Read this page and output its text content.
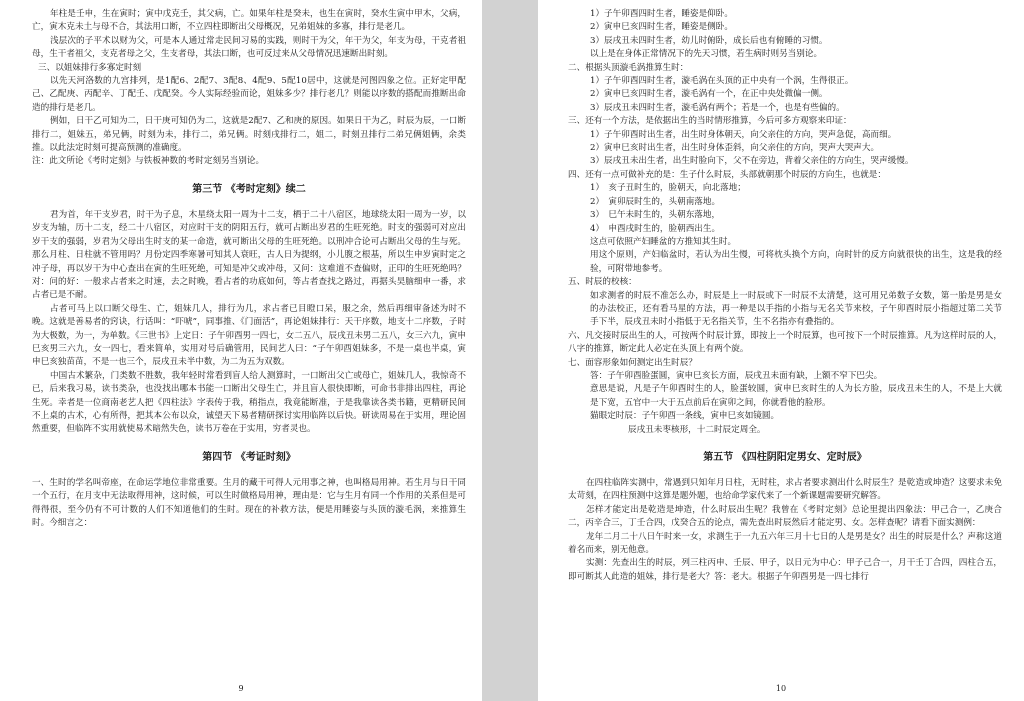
年柱是壬申，生在寅时；寅中戊克壬，其父病，亡。如果年柱是癸未，也生在寅时，癸水生寅中甲木，父病，亡，寅木克未土与母不合，其法用口断，不立四柱即断出父母概况，兄弟姐妹的多寡，排行是老几。

浅层次的子平术以财为父，可是本人通过常走民间习易的实践，则时干为父，年干为父，年支为母，干克者祖母，生干者祖父，支克者母之父，生支者母，其法口断，也可反过来从父母情况迅速断出时刻。

三、以姐妹排行多寡定时刻

以先天河洛数的九宫排列，是1配6、2配7、3配8、4配9、5配10居中，这就是河图四象之位。正好定甲配己、乙配庚、丙配辛、丁配壬、戊配癸。今人实际经验而论，姐妹多少？排行老几？则能以序数的搭配而推断出命造的排行是老几。

例如，日干乙可知为二，日干庚可知仍为二，这就是2配7、乙和庚的原因。如果日干为乙，时辰为辰，一口断排行二，姐妹五，弟兄俩，时刻为未，排行二，弟兄俩。时刻戌排行二，姐二，时刻丑排行二弟兄俩姐俩，余类推。以此法定时刻可提高预测的准确度。

注：此文所论《考时定刻》与铁板神数的考时定刻另当别论。

第三节 《考时定刻》续二

君为首，年干支岁君，时干为子息，木星绕太阳一周为十二支，栖于二十八宿区，地球绕太阳一周为一岁，以岁支为轴，历十二支，经二十八宿区，对应时干支的阴阳五行，就可占断出岁君的生旺死绝。时支的强弱可对应出岁干支的强弱，岁君为父母出生时支的某一命造，就可断出父母的生旺死绝。以刑冲合论可占断出父母的生与死。那么月柱、日柱就不管用吗？月份定四季寒暑可知其人衰旺，古人日为提纲，小儿腹之根基，所以生申岁寅时定之冲子母，再以岁干为中心查出在寅的生旺死绝，可知是冲父或冲母，又问：这难道不查偏财，正印的生旺死绝吗？对：问的好：一般求占者来之时速，去之时晚，看占者的功底如何，等占者查找之路过，再据头昊脑细申一番，求占者已是不耐。

占者可马上以口断父母生、亡，姐妹几人，排行为几，求占者已目瞪口呆，服之余，然后再细审备述为时不晚。这就是善易者的窍诀，行话叫：“吓唬”，同事推、《门面活”，再论姐妹排行：天干序数，地支十二序数，子时为大极数，为一，为单数。《三世书》上定日：子午卯酉男一四七，女二五八，辰戌丑未男二五八，女三六九，寅申巳亥男三六九，女一四七，看来简单，实用对号后确管用，民间艺人曰：“子午卯酉姐妹多，不是一桌也半桌，寅申巳亥独苗苗，不是一也三个，辰戌丑未半中数，为二为五为双数。

中国古术繁杂，门类数不胜数，我年轻时常看到盲人给人测算时，一口断出父亡或母亡，姐妹几人，我惊奇不已，后来我习易，读书类杂，也没找出哪本书能一口断出父母生亡，并且盲人很快即断，可命书非排出四柱，再论生死。幸者是一位商南老艺人把《四柱法》字表传于我，稍指点，我竟能断准，于是我靠读各类书籍，更精研民间不上桌的古术，心有所得，把其本公布以众，诚望天下易者精研探讨实用临阵以后快。研读周易在于实用，理论固然重要，但临阵不实用就使易术暗然失色，读书万卷在于实用，穷者灵也。

第四节 《考证时刻》

一、生时的学名叫帝座，在命运学地位非常重要。生月的藏干可得人元用事之神，也叫格局用神。若生月与日干同一个五行，在月支中无法取得用神，这时候，可以生时做格局用神，理由是：它与生月有同一个作用的关系但是可得得很，至今仍有不可计数的人们不知道他们的生时。现在的补救方法，便是用睡姿与头顶的漩毛涡，来推算生时。今细言之：

9

1）子午卯酉四时生者，睡姿是仰卧。

2）寅申巳亥四时生者，睡姿是侧卧。

3）辰戌丑未四时生者，幼儿时俯卧，成长后也有俯睡的习惯。

以上是在身体正常情况下的先天习惯，若生病时则另当别论。

二、根据头顶漩毛涡推算生时：

1）子午卯酉四时生者，漩毛涡在头顶的正中央有一个涡，生得很正。

2）寅申巳亥四时生者，漩毛涡有一个，在正中央处微偏一侧。

3）辰戌丑未四时生者，漩毛涡有两个；若是一个，也是有些偏的。

三、还有一个方法，是依据出生的当时情形推算，今后可多方观察来印证：

1）子午卯酉时出生者，出生时身体朝天，向父亲住的方向，哭声急促，高而细。

2）寅申巳亥时出生者，出生时身体歪斜，向父亲住的方向，哭声大哭声大。

3）辰戌丑未出生者，出生时脸向下，父不在旁边，背着父亲住的方向生，哭声缓慢。

四、还有一点可做补充的是：生子什么时辰，头部就朝那个时辰的方向生，也就是：

1）　亥子丑时生的，脸朝天，向北落地；

2）　寅卯辰时生的，头朝南落地。

3）　巳午未时生的，头朝东落地，

4）　申酉戌时生的，脸朝西出生。

这点可依照产妇睡盆的方推知其生时。

用这个原则，产妇临盆时，若认为出生慢，可将枕头换个方向，向时针的反方向就很快的出生，这是我的经验，可附带地参考。

五、时辰的校核：

如求测者的时辰不准怎么办，时辰是上一时辰或下一时辰不太清楚，这可用兄弟数子女数，第一胎是男是女的办法校正，还有看马星的方法，再一种是以手指的小指与无名关节来校，子午卯酉时辰小指超过第二关节手下半，辰戌丑未时小指低于无名指关节，生不名指亦有叠指的。

六、凡交接时辰出生的人，可按两个时辰计算，即按上一个时辰算，也可按下一个时辰推算。凡为这样时辰的人，八字的推算，断定此人必定在头顶上有两个旋。

七、面容形象如何测定出生时辰？

答：子午卯酉脸蛋圆，寅申巳亥长方面，辰戌丑未面有缺，上额不窄下巴尖。

意思是说，凡是子午卯酉时生的人，脸蛋较圆，寅申巳亥时生的人为长方脸，辰戌丑未生的人，不是上大就是下宽，五官中一大于五点前后在寅卯之间，你就看他的脸形。

猫眼定时辰：子午卯酉一条线，寅申巳亥如镜圆。

辰戌丑未枣核形，十二时辰定周全。

第五节 《四柱阴阳定男女、定时辰》

在四柱临阵实测中，常遇到只知年月日柱，无时柱，求占者要求测出什么时辰生？是乾造或坤造？这要求未免太苛刻，在四柱预测中这算是题外题，也给命学家代来了一个新课题需要研究解答。

怎样才能定出是乾造是坤造，什么时辰出生呢？我曾在《考时定刻》总论里提出四象法：甲己合一，乙庚合二，丙辛合三，丁壬合四，戊癸合五的论点，需先查出时辰然后才能定男、女。怎样查呢？请看下面实测例：

龙年二月二十八日午时来一女，求测生于一九五六年三月十七日的人是男是女？出生的时辰是什么？声称这道着名而来，别无他意。

实测：先查出生的时辰，列三柱丙申、壬辰、甲子，以日元为中心：甲子己合一，月干壬丁合四，四柱合五，即可断其人此造的姐妹，排行是老大？答：老大。根据子午卯酉男是一四七排行

10
